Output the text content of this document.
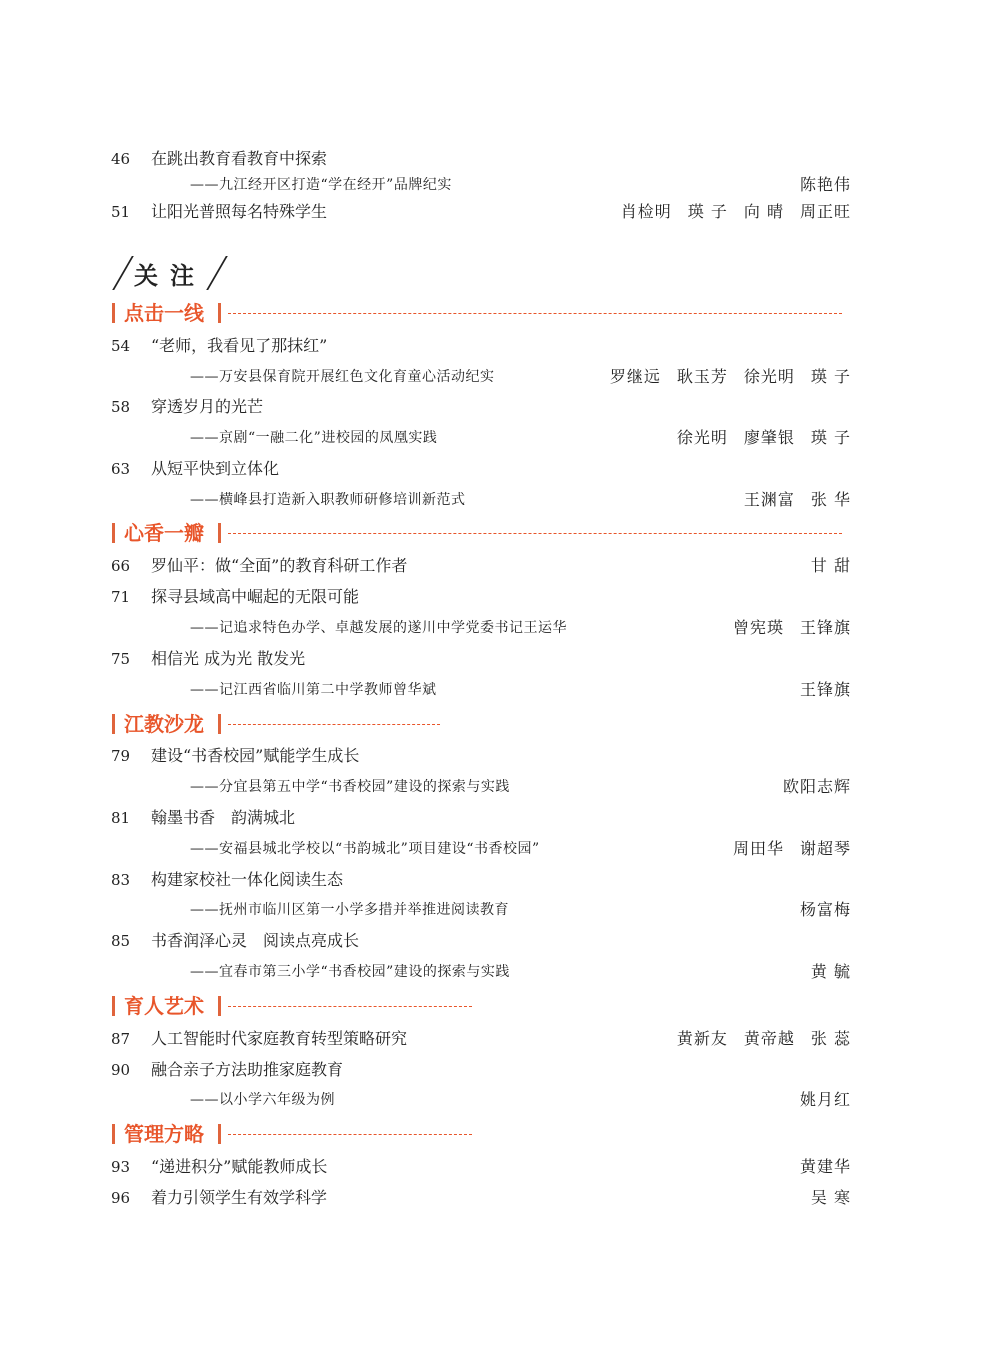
46 在跳出教育看教育中探索
——九江经开区打造“学在经开”品牌纪实	陈艳伟
51 让阳光普照每名特殊学生	肖检明 瑛 子 向 晴 周正旺
关注
点击一线
54 “老师，我看见了那抹红”
——万安县保育院开展红色文化育童心活动纪实	罗继远 耿玉芳 徐光明 瑛 子
58 穿透岁月的光芒
——京剧“一融二化”进校园的凤凰实践	徐光明 廖肇银 瑛 子
63 从短平快到立体化
——横峰县打造新入职教师研修培训新范式	王渊富 张 华
心香一瓣
66 罗仙平：做“全面”的教育科研工作者	甘 甜
71 探寻县域高中崛起的无限可能
——记追求特色办学、卓越发展的遂川中学党委书记王运华	曾宪瑛 王锋旗
75 相信光 成为光 散发光
——记江西省临川第二中学教师曾华斌	王锋旗
江教沙龙
79 建设“书香校园”赋能学生成长
——分宜县第五中学“书香校园”建设的探索与实践	欧阳志辉
81 翰墨书香　韵满城北
——安福县城北学校以“书韵城北”项目建设“书香校园”	周田华 谢超琴
83 构建家校社一体化阅读生态
——抚州市临川区第一小学多措并举推进阅读教育	杨富梅
85 书香润泽心灵　阅读点亮成长
——宜春市第三小学“书香校园”建设的探索与实践	黄 毓
育人艺术
87 人工智能时代家庭教育转型策略研究	黄新友 黄帝越 张 蕊
90 融合亲子方法助推家庭教育
——以小学六年级为例	姚月红
管理方略
93 “递进积分”赋能教师成长	黄建华
96 着力引领学生有效学科学	吴 寒
